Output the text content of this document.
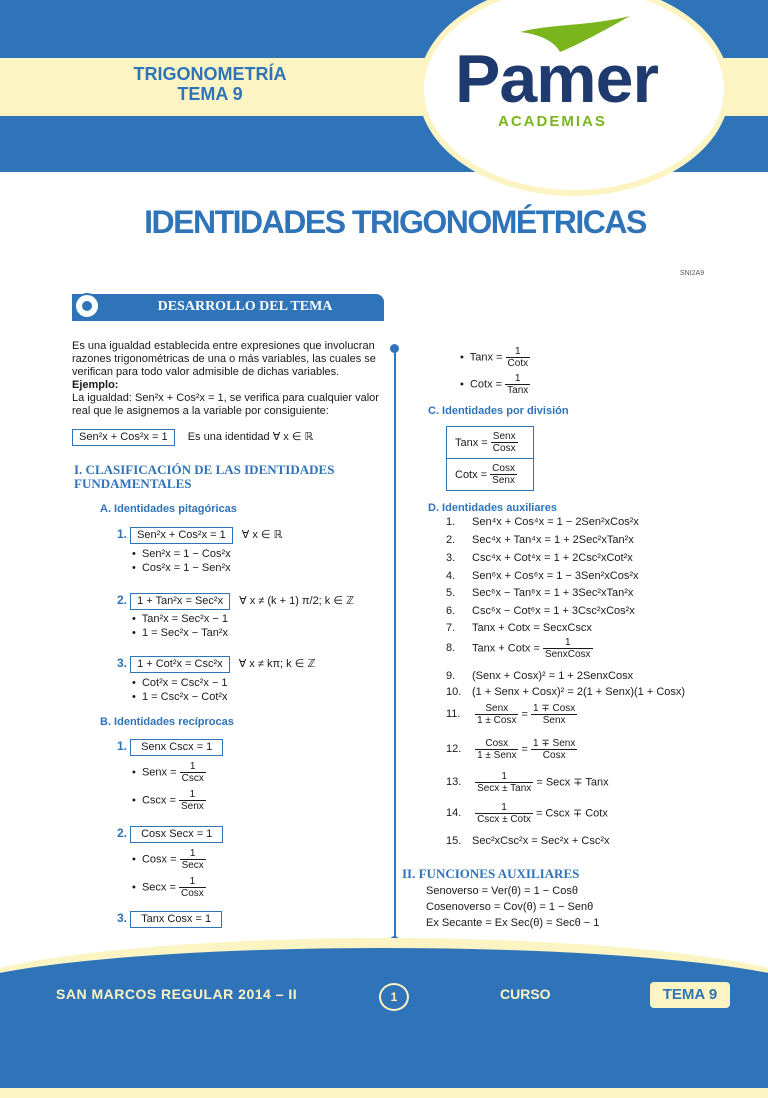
TRIGONOMETRÍA
TEMA 9	Pamer
ACADEMIAS
IDENTIDADES TRIGONOMÉTRICAS
SNI2A9
DESARROLLO DEL TEMA
Es una igualdad establecida entre expresiones que involucran razones trigonométricas de una o más variables, las cuales se verifican para todo valor admisible de dichas variables.
Ejemplo:
La igualdad: Sen²x + Cos²x = 1, se verifica para cualquier valor real que le asignemos a la variable por consiguiente:
Sen²x + Cos²x = 1 Es una identidad ∀ x ∈ ℝ
I. CLASIFICACIÓN DE LAS IDENTIDADES FUNDAMENTALES
A. Identidades pitagóricas
1. Sen²x + Cos²x = 1 ∀ x ∈ ℝ
•  Sen²x = 1 − Cos²x
•  Cos²x = 1 − Sen²x
2. 1 + Tan²x = Sec²x ∀ x ≠ (k + 1) π/2; k ∈ ℤ
•  Tan²x = Sec²x − 1
•  1 = Sec²x − Tan²x
3. 1 + Cot²x = Csc²x ∀ x ≠ kπ; k ∈ ℤ
•  Cot²x = Csc²x − 1
•  1 = Csc²x − Cot²x
B. Identidades recíprocas
1. Senx Cscx = 1
•  Senx = $\frac{1}{\text{Cscx}}$
•  Cscx = $\frac{1}{\text{Senx}}$
2. Cosx Secx = 1
•  Cosx = $\frac{1}{\text{Secx}}$
•  Secx = $\frac{1}{\text{Cosx}}$
3. Tanx Cosx = 1
•  Tanx = $\frac{1}{\text{Cotx}}$
•  Cotx = $\frac{1}{\text{Tanx}}$
C. Identidades por división
Tanx =
$\frac{\text{Senx}}{\text{Cosx}}$
Cotx =
$\frac{\text{Cosx}}{\text{Senx}}$
D. Identidades auxiliares
1. Sen⁴x + Cos⁴x = 1 − 2Sen²xCos²x
2. Sec⁴x + Tan⁴x = 1 + 2Sec²xTan²x
3. Csc⁴x + Cot⁴x = 1 + 2Csc²xCot²x
4. Sen⁶x + Cos⁶x = 1 − 3Sen²xCos²x
5. Sec⁶x − Tan⁶x = 1 + 3Sec²xTan²x
6. Csc⁶x − Cot⁶x = 1 + 3Csc²xCos²x
7. Tanx + Cotx = SecxCscx
8. Tanx + Cotx = $\frac{1}{\text{SenxCosx}}$
9. (Senx + Cosx)² = 1 + 2SenxCosx
10. (1 + Senx + Cosx)² = 2(1 + Senx)(1 + Cosx)
11. $\frac{\text{Senx}}{\text{1 ± Cosx}} = \frac{\text{1 ∓ Cosx}}{\text{Senx}}$
12. $\frac{\text{Cosx}}{\text{1 ± Senx}} = \frac{\text{1 ∓ Senx}}{\text{Cosx}}$
13. $\frac{1}{\text{Secx ± Tanx}}$ = Secx ∓ Tanx
14. $\frac{1}{\text{Cscx ± Cotx}}$ = Cscx ∓ Cotx
15. Sec²xCsc²x = Sec²x + Csc²x
II. FUNCIONES AUXILIARES
Senoverso = Ver(θ) = 1 − Cosθ
Cosenoverso = Cov(θ) = 1 − Senθ
Ex Secante = Ex Sec(θ) = Secθ − 1
SAN MARCOS REGULAR 2014 – II	1	CURSO	TEMA 9
